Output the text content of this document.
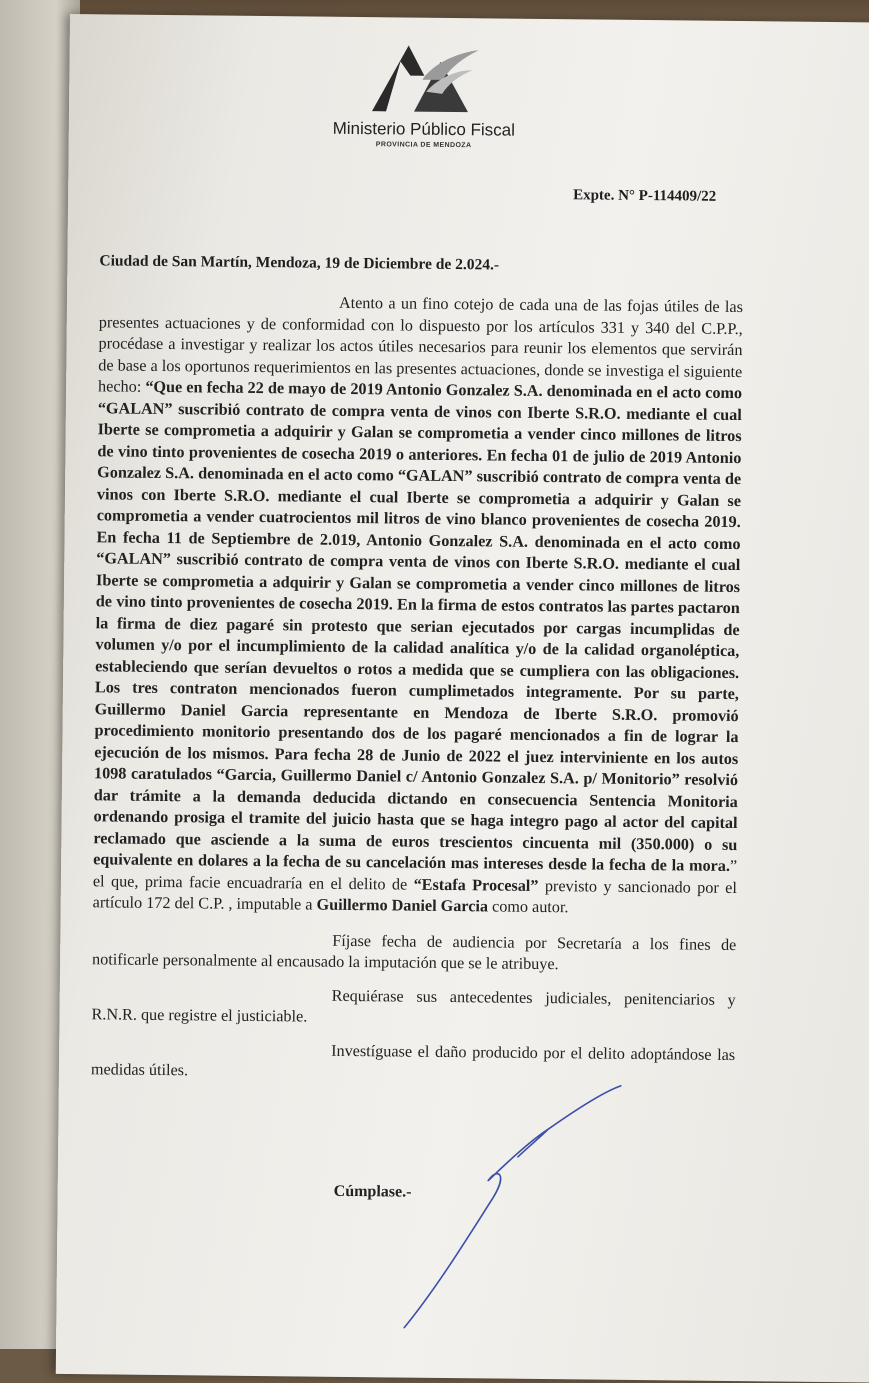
Ministerio Público Fiscal
PROVINCIA DE MENDOZA
Expte. N° P-114409/22
Ciudad de San Martín, Mendoza, 19 de Diciembre de 2.024.-

Atento a un fino cotejo de cada una de las fojas útiles de las presentes actuaciones y de conformidad con lo dispuesto por los artículos 331 y 340 del C.P.P., procédase a investigar y realizar los actos útiles necesarios para reunir los elementos que servirán de base a los oportunos requerimientos en las presentes actuaciones, donde se investiga el siguiente hecho: “Que en fecha 22 de mayo de 2019 Antonio Gonzalez S.A. denominada en el acto como “GALAN” suscribió contrato de compra venta de vinos con Iberte S.R.O. mediante el cual Iberte se comprometia a adquirir y Galan se comprometia a vender cinco millones de litros de vino tinto provenientes de cosecha 2019 o anteriores. En fecha 01 de julio de 2019 Antonio Gonzalez S.A. denominada en el acto como “GALAN” suscribió contrato de compra venta de vinos con Iberte S.R.O. mediante el cual Iberte se comprometia a adquirir y Galan se comprometia a vender cuatrocientos mil litros de vino blanco provenientes de cosecha 2019. En fecha 11 de Septiembre de 2.019, Antonio Gonzalez S.A. denominada en el acto como “GALAN” suscribió contrato de compra venta de vinos con Iberte S.R.O. mediante el cual Iberte se comprometia a adquirir y Galan se comprometia a vender cinco millones de litros de vino tinto provenientes de cosecha 2019. En la firma de estos contratos las partes pactaron la firma de diez pagaré sin protesto que serian ejecutados por cargas incumplidas de volumen y/o por el incumplimiento de la calidad analítica y/o de la calidad organoléptica, estableciendo que serían devueltos o rotos a medida que se cumpliera con las obligaciones. Los tres contraton mencionados fueron cumplimetados integramente. Por su parte, Guillermo Daniel Garcia representante en Mendoza de Iberte S.R.O. promovió procedimiento monitorio presentando dos de los pagaré mencionados a fin de lograr la ejecución de los mismos. Para fecha 28 de Junio de 2022 el juez interviniente en los autos 1098 caratulados “Garcia, Guillermo Daniel c/ Antonio Gonzalez S.A. p/ Monitorio” resolvió dar trámite a la demanda deducida dictando en consecuencia Sentencia Monitoria ordenando prosiga el tramite del juicio hasta que se haga integro pago al actor del capital reclamado que asciende a la suma de euros trescientos cincuenta mil (350.000) o su equivalente en dolares a la fecha de su cancelación mas intereses desde la fecha de la mora.” el que, prima facie encuadraría en el delito de “Estafa Procesal” previsto y sancionado por el artículo 172 del C.P. , imputable a Guillermo Daniel Garcia como autor.

Fíjase fecha de audiencia por Secretaría a los fines de notificarle personalmente al encausado la imputación que se le atribuye.

Requiérase sus antecedentes judiciales, penitenciarios y R.N.R. que registre el justiciable.

Investíguase el daño producido por el delito adoptándose las medidas útiles.

Cúmplase.-
